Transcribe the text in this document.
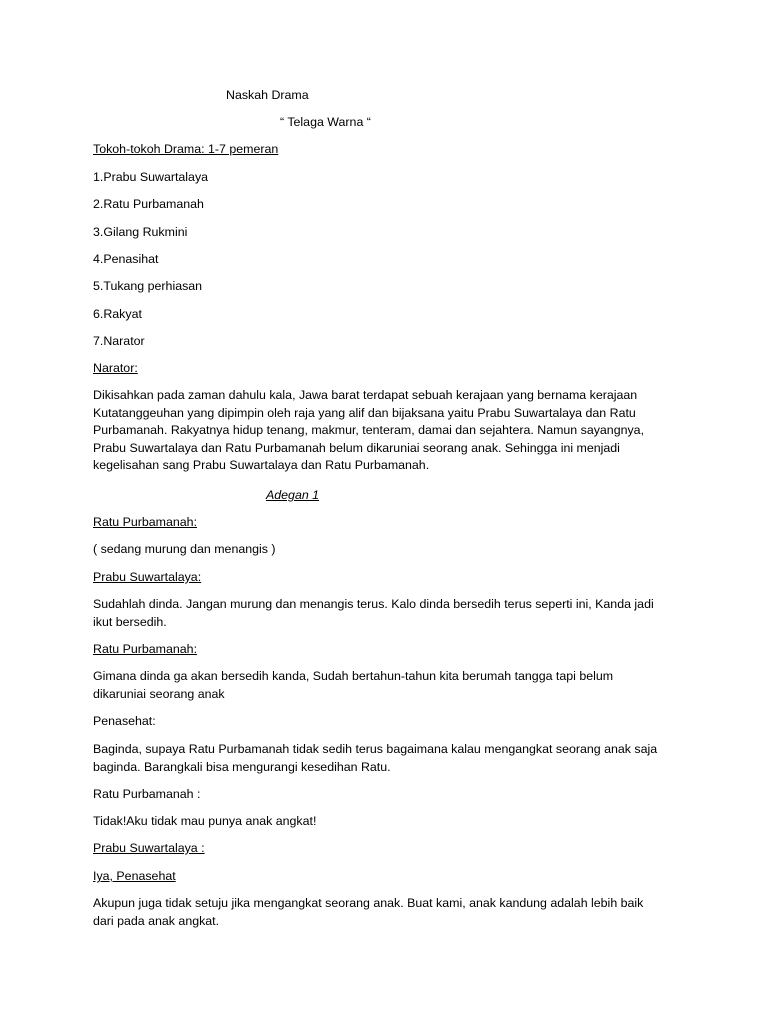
Naskah Drama

“ Telaga Warna “

Tokoh-tokoh Drama: 1-7 pemeran

1.Prabu Suwartalaya

2.Ratu Purbamanah

3.Gilang Rukmini

4.Penasihat

5.Tukang perhiasan

6.Rakyat

7.Narator

Narator:

Dikisahkan pada zaman dahulu kala, Jawa barat terdapat sebuah kerajaan yang bernama kerajaan
Kutatanggeuhan yang dipimpin oleh raja yang alif dan bijaksana yaitu Prabu Suwartalaya dan Ratu
Purbamanah. Rakyatnya hidup tenang, makmur, tenteram, damai dan sejahtera. Namun sayangnya,
Prabu Suwartalaya dan Ratu Purbamanah belum dikaruniai seorang anak. Sehingga ini menjadi
kegelisahan sang Prabu Suwartalaya dan Ratu Purbamanah.

Adegan 1

Ratu Purbamanah:

( sedang murung dan menangis )

Prabu Suwartalaya:

Sudahlah dinda. Jangan murung dan menangis terus. Kalo dinda bersedih terus seperti ini, Kanda jadi
ikut bersedih.

Ratu Purbamanah:

Gimana dinda ga akan bersedih kanda, Sudah bertahun-tahun kita berumah tangga tapi belum
dikaruniai seorang anak

Penasehat:

Baginda, supaya Ratu Purbamanah tidak sedih terus bagaimana kalau mengangkat seorang anak saja
baginda. Barangkali bisa mengurangi kesedihan Ratu.

Ratu Purbamanah :

Tidak!Aku tidak mau punya anak angkat!

Prabu Suwartalaya :

Iya, Penasehat

Akupun juga tidak setuju jika mengangkat seorang anak. Buat kami, anak kandung adalah lebih baik
dari pada anak angkat.
